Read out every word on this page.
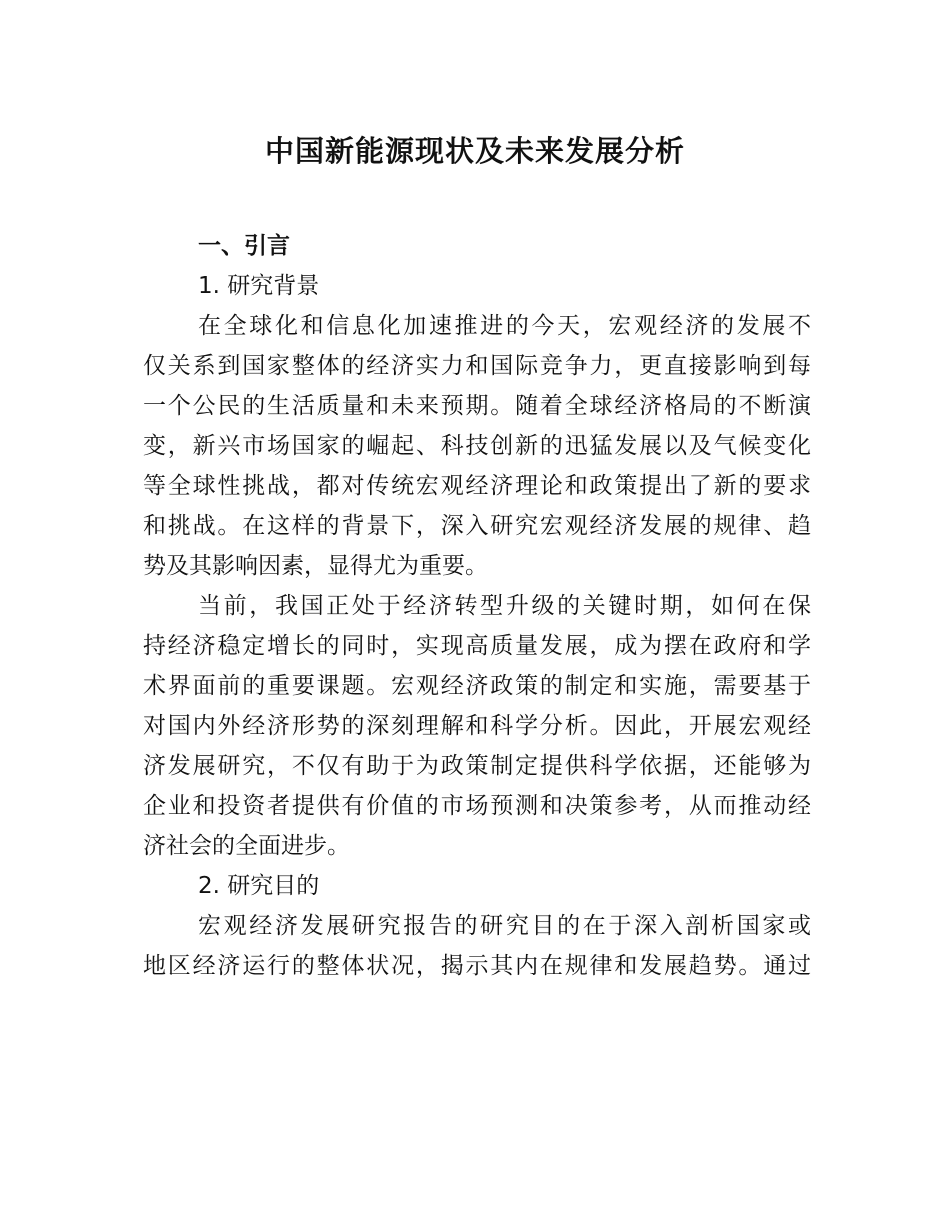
中国新能源现状及未来发展分析
一、引言
1. 研究背景

在全球化和信息化加速推进的今天，宏观经济的发展不
仅关系到国家整体的经济实力和国际竞争力，更直接影响到每
一个公民的生活质量和未来预期。随着全球经济格局的不断演
变，新兴市场国家的崛起、科技创新的迅猛发展以及气候变化
等全球性挑战，都对传统宏观经济理论和政策提出了新的要求
和挑战。在这样的背景下，深入研究宏观经济发展的规律、趋
势及其影响因素，显得尤为重要。

当前，我国正处于经济转型升级的关键时期，如何在保
持经济稳定增长的同时，实现高质量发展，成为摆在政府和学
术界面前的重要课题。宏观经济政策的制定和实施，需要基于
对国内外经济形势的深刻理解和科学分析。因此，开展宏观经
济发展研究，不仅有助于为政策制定提供科学依据，还能够为
企业和投资者提供有价值的市场预测和决策参考，从而推动经
济社会的全面进步。

2. 研究目的

宏观经济发展研究报告的研究目的在于深入剖析国家或
地区经济运行的整体状况，揭示其内在规律和发展趋势。通过
